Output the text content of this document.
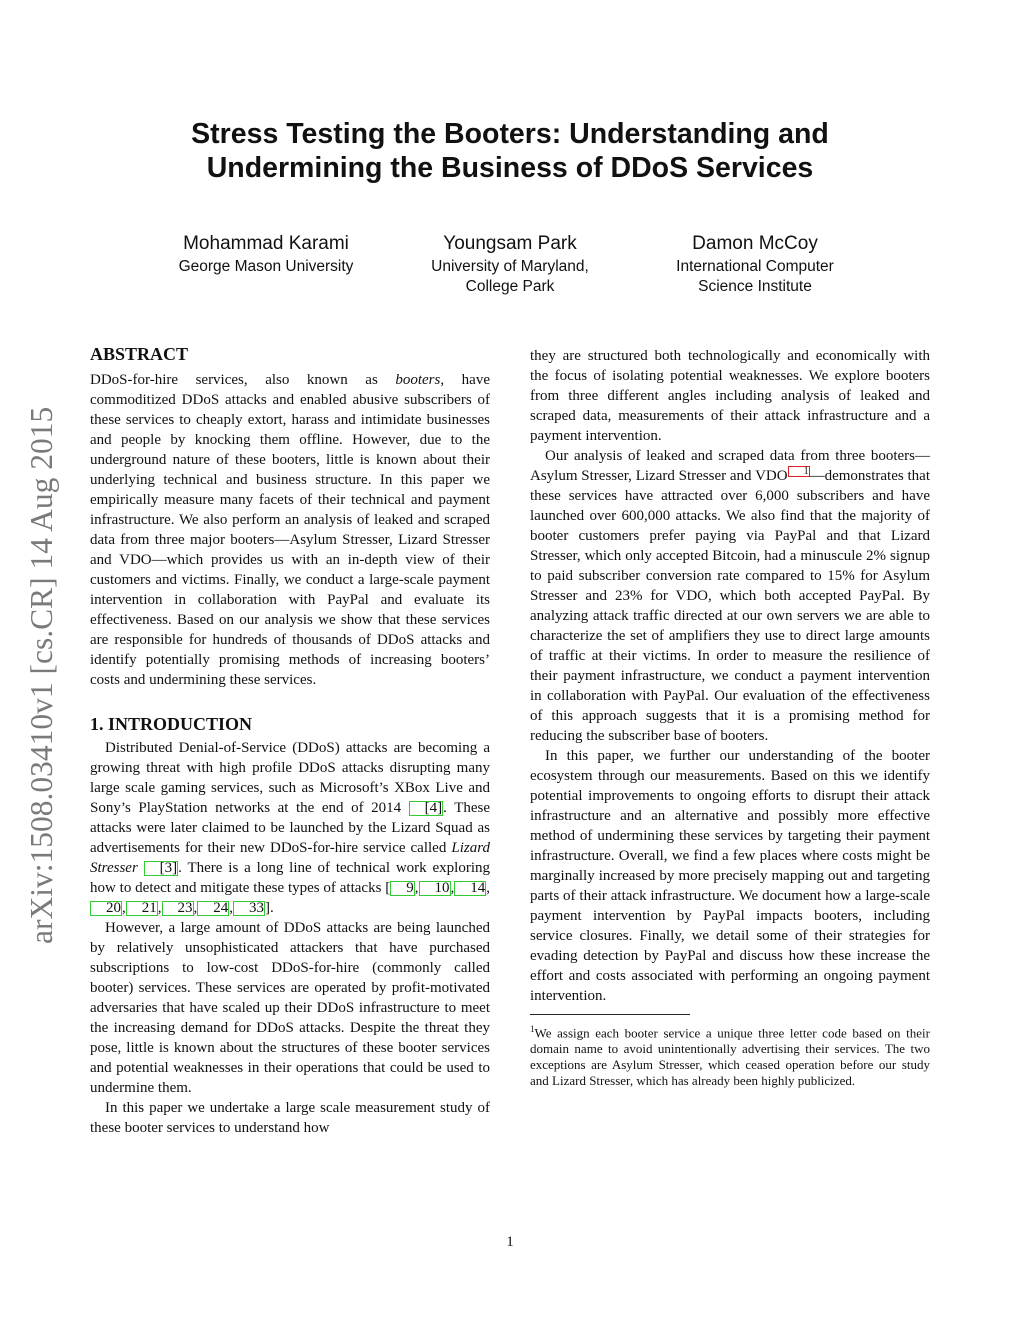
Stress Testing the Booters: Understanding and
Undermining the Business of DDoS Services
Mohammad Karami
George Mason University
Youngsam Park
University of Maryland,
College Park
Damon McCoy
International Computer
Science Institute
arXiv:1508.03410v1 [cs.CR] 14 Aug 2015
ABSTRACT

DDoS-for-hire services, also known as booters, have commoditized DDoS attacks and enabled abusive subscribers of these services to cheaply extort, harass and intimidate businesses and people by knocking them offline. However, due to the underground nature of these booters, little is known about their underlying technical and business structure. In this paper we empirically measure many facets of their technical and payment infrastructure. We also perform an analysis of leaked and scraped data from three major booters—Asylum Stresser, Lizard Stresser and VDO—which provides us with an in-depth view of their customers and victims. Finally, we conduct a large-scale payment intervention in collaboration with PayPal and evaluate its effectiveness. Based on our analysis we show that these services are responsible for hundreds of thousands of DDoS attacks and identify potentially promising methods of increasing booters’ costs and undermining these services.

1. INTRODUCTION

Distributed Denial-of-Service (DDoS) attacks are becoming a growing threat with high profile DDoS attacks disrupting many large scale gaming services, such as Microsoft’s XBox Live and Sony’s PlayStation networks at the end of 2014 [4]. These attacks were later claimed to be launched by the Lizard Squad as advertisements for their new DDoS-for-hire service called Lizard Stresser [3]. There is a long line of technical work exploring how to detect and mitigate these types of attacks [ 9, 10, 14,20, 21, 23, 24, 33].

However, a large amount of DDoS attacks are being launched by relatively unsophisticated attackers that have purchased subscriptions to low-cost DDoS-for-hire (commonly called booter) services. These services are operated by profit-motivated adversaries that have scaled up their DDoS infrastructure to meet the increasing demand for DDoS attacks. Despite the threat they pose, little is known about the structures of these booter services and potential weaknesses in their operations that could be used to undermine them.

In this paper we undertake a large scale measurement study of these booter services to understand how

they are structured both technologically and economically with the focus of isolating potential weaknesses. We explore booters from three different angles including analysis of leaked and scraped data, measurements of their attack infrastructure and a payment intervention.

Our analysis of leaked and scraped data from three booters—Asylum Stresser, Lizard Stresser and VDO 1—demonstrates that these services have attracted over 6,000 subscribers and have launched over 600,000 attacks. We also find that the majority of booter customers prefer paying via PayPal and that Lizard Stresser, which only accepted Bitcoin, had a minuscule 2% signup to paid subscriber conversion rate compared to 15% for Asylum Stresser and 23% for VDO, which both accepted PayPal. By analyzing attack traffic directed at our own servers we are able to characterize the set of amplifiers they use to direct large amounts of traffic at their victims. In order to measure the resilience of their payment infrastructure, we conduct a payment intervention in collaboration with PayPal. Our evaluation of the effectiveness of this approach suggests that it is a promising method for reducing the subscriber base of booters.

In this paper, we further our understanding of the booter ecosystem through our measurements. Based on this we identify potential improvements to ongoing efforts to disrupt their attack infrastructure and an alternative and possibly more effective method of undermining these services by targeting their payment infrastructure. Overall, we find a few places where costs might be marginally increased by more precisely mapping out and targeting parts of their attack infrastructure. We document how a large-scale payment intervention by PayPal impacts booters, including service closures. Finally, we detail some of their strategies for evading detection by PayPal and discuss how these increase the effort and costs associated with performing an ongoing payment intervention.

$^1$We assign each booter service a unique three letter code based on their domain name to avoid unintentionally advertising their services. The two exceptions are Asylum Stresser, which ceased operation before our study and Lizard Stresser, which has already been highly publicized.

1
